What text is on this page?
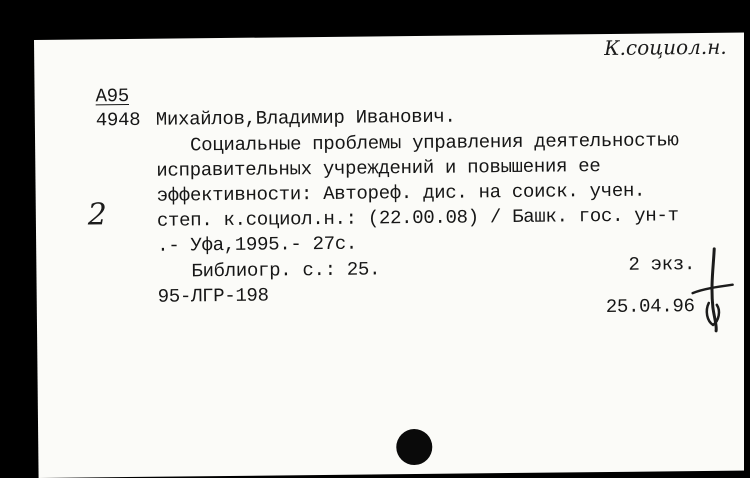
К.социол.н.
А95
4948 Михайлов,Владимир Иванович.
Социальные проблемы управления деятельностью
исправительных учреждений и повышения ее
эффективности: Автореф. дис. на соиск. учен.
степ. к.социол.н.: (22.00.08) / Башк. гос. ун-т
.- Уфа,1995.- 27с.
2
Библиогр. с.: 25.	2 экз.
95-ЛГР-198	25.04.96
